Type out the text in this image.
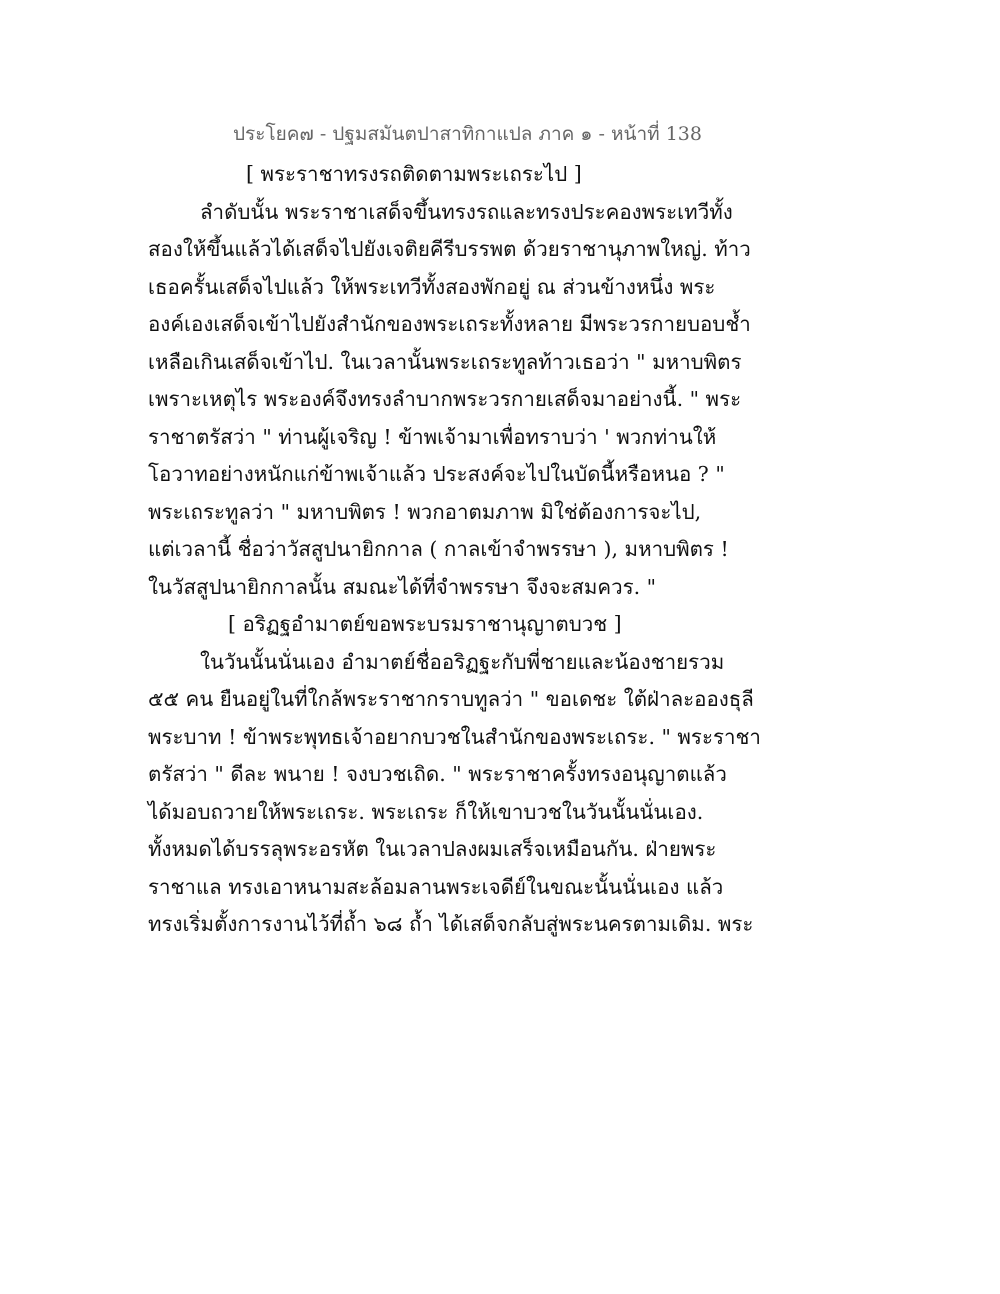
ประโยค๗ - ปฐมสมันตปาสาทิกาแปล ภาค ๑ - หน้าที่ 138
[ พระราชาทรงรถติดตามพระเถระไป ]
ลำดับนั้น พระราชาเสด็จขึ้นทรงรถและทรงประคองพระเทวีทั้ง
สองให้ขึ้นแล้วได้เสด็จไปยังเจติยคีรีบรรพต ด้วยราชานุภาพใหญ่. ท้าว
เธอครั้นเสด็จไปแล้ว ให้พระเทวีทั้งสองพักอยู่ ณ ส่วนข้างหนึ่ง พระ
องค์เองเสด็จเข้าไปยังสำนักของพระเถระทั้งหลาย มีพระวรกายบอบช้ำ
เหลือเกินเสด็จเข้าไป. ในเวลานั้นพระเถระทูลท้าวเธอว่า " มหาบพิตร
เพราะเหตุไร พระองค์จึงทรงลำบากพระวรกายเสด็จมาอย่างนี้. " พระ
ราชาตรัสว่า " ท่านผู้เจริญ ! ข้าพเจ้ามาเพื่อทราบว่า ' พวกท่านให้
โอวาทอย่างหนักแก่ข้าพเจ้าแล้ว ประสงค์จะไปในบัดนี้หรือหนอ ? "
พระเถระทูลว่า " มหาบพิตร ! พวกอาตมภาพ มิใช่ต้องการจะไป,
แต่เวลานี้ ชื่อว่าวัสสูปนายิกกาล ( กาลเข้าจำพรรษา ), มหาบพิตร !
ในวัสสูปนายิกกาลนั้น สมณะได้ที่จำพรรษา จึงจะสมควร. "
[ อริฏฐอำมาตย์ขอพระบรมราชานุญาตบวช ]
ในวันนั้นนั่นเอง อำมาตย์ชื่ออริฏฐะกับพี่ชายและน้องชายรวม
๕๕ คน ยืนอยู่ในที่ใกล้พระราชากราบทูลว่า " ขอเดชะ ใต้ฝ่าละอองธุลี
พระบาท ! ข้าพระพุทธเจ้าอยากบวชในสำนักของพระเถระ. " พระราชา
ตรัสว่า " ดีละ พนาย ! จงบวชเถิด. " พระราชาครั้งทรงอนุญาตแล้ว
ได้มอบถวายให้พระเถระ. พระเถระ ก็ให้เขาบวชในวันนั้นนั่นเอง.
ทั้งหมดได้บรรลุพระอรหัต ในเวลาปลงผมเสร็จเหมือนกัน. ฝ่ายพระ
ราชาแล ทรงเอาหนามสะล้อมลานพระเจดีย์ในขณะนั้นนั่นเอง แล้ว
ทรงเริ่มตั้งการงานไว้ที่ถ้ำ ๖๘ ถ้ำ ได้เสด็จกลับสู่พระนครตามเดิม. พระ
